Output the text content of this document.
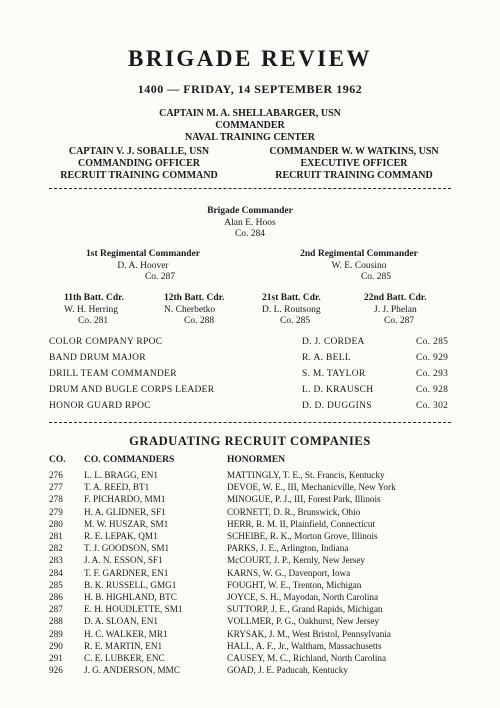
BRIGADE REVIEW
1400 — FRIDAY, 14 SEPTEMBER 1962
CAPTAIN M. A. SHELLABARGER, USN
COMMANDER
NAVAL TRAINING CENTER
CAPTAIN V. J. SOBALLE, USN
COMMANDING OFFICER
RECRUIT TRAINING COMMAND
COMMANDER W. W WATKINS, USN
EXECUTIVE OFFICER
RECRUIT TRAINING COMMAND
Brigade Commander
Alan E. Hoos
Co. 284
1st Regimental Commander
D. A. Hoover
Co. 287
2nd Regimental Commander
W. E. Cousino
Co. 285
11th Batt. Cdr.
W. H. Herring
Co. 281
12th Batt. Cdr.
N. Cherbetko
Co. 288
21st Batt. Cdr.
D. L. Routsong
Co. 285
22nd Batt. Cdr.
J. J. Phelan
Co. 287
COLOR COMPANY RPOC	D. J. CORDEA	Co. 285
BAND DRUM MAJOR	R. A. BELL	Co. 929
DRILL TEAM COMMANDER	S. M. TAYLOR	Co. 293
DRUM AND BUGLE CORPS LEADER	L. D. KRAUSCH	Co. 928
HONOR GUARD RPOC	D. D. DUGGINS	Co. 302
GRADUATING RECRUIT COMPANIES
CO. CO. COMMANDERS	HONORMEN
276 L. L. BRAGG, EN1	MATTINGLY, T. E., St. Francis, Kentucky
277 T. A. REED, BT1	DEVOE, W. E., III, Mechanicville, New York
278 F. PICHARDO, MM1	MINOGUE, P. J., III, Forest Park, Illinois
279 H. A. GLIDNER, SF1	CORNETT, D. R., Brunswick, Ohio
280 M. W. HUSZAR, SM1	HERR, R. M. II, Plainfield, Connecticut
281 R. E. LEPAK, QM1	SCHEIBE, R. K., Morton Grove, Illinois
282 T. J. GOODSON, SM1	PARKS, J. E., Arlington, Indiana
283 J. A. N. ESSON, SF1	McCOURT, J. P., Kernly, New Jersey
284 T. F. GARDNER, EN1	KARNS, W. G., Davenport, Iowa
285 B. K. RUSSELL, GMG1	FOUGHT, W. E., Trenton, Michigan
286 H. B. HIGHLAND, BTC	JOYCE, S. H., Mayodan, North Carolina
287 E. H. HOUDLETTE, SM1	SUTTORP, J. E., Grand Rapids, Michigan
288 D. A. SLOAN, EN1	VOLLMER, P. G., Oakhurst, New Jersey
289 H. C. WALKER, MR1	KRYSAK, J. M., West Bristol, Pennsylvania
290 R. E. MARTIN, EN1	HALL, A. F., Jr., Waltham, Massachusetts
291 C. E. LUBKER, ENC	CAUSEY, M. C., Richland, North Carolina
926 J. G. ANDERSON, MMC	GOAD, J. E. Paducah, Kentucky
